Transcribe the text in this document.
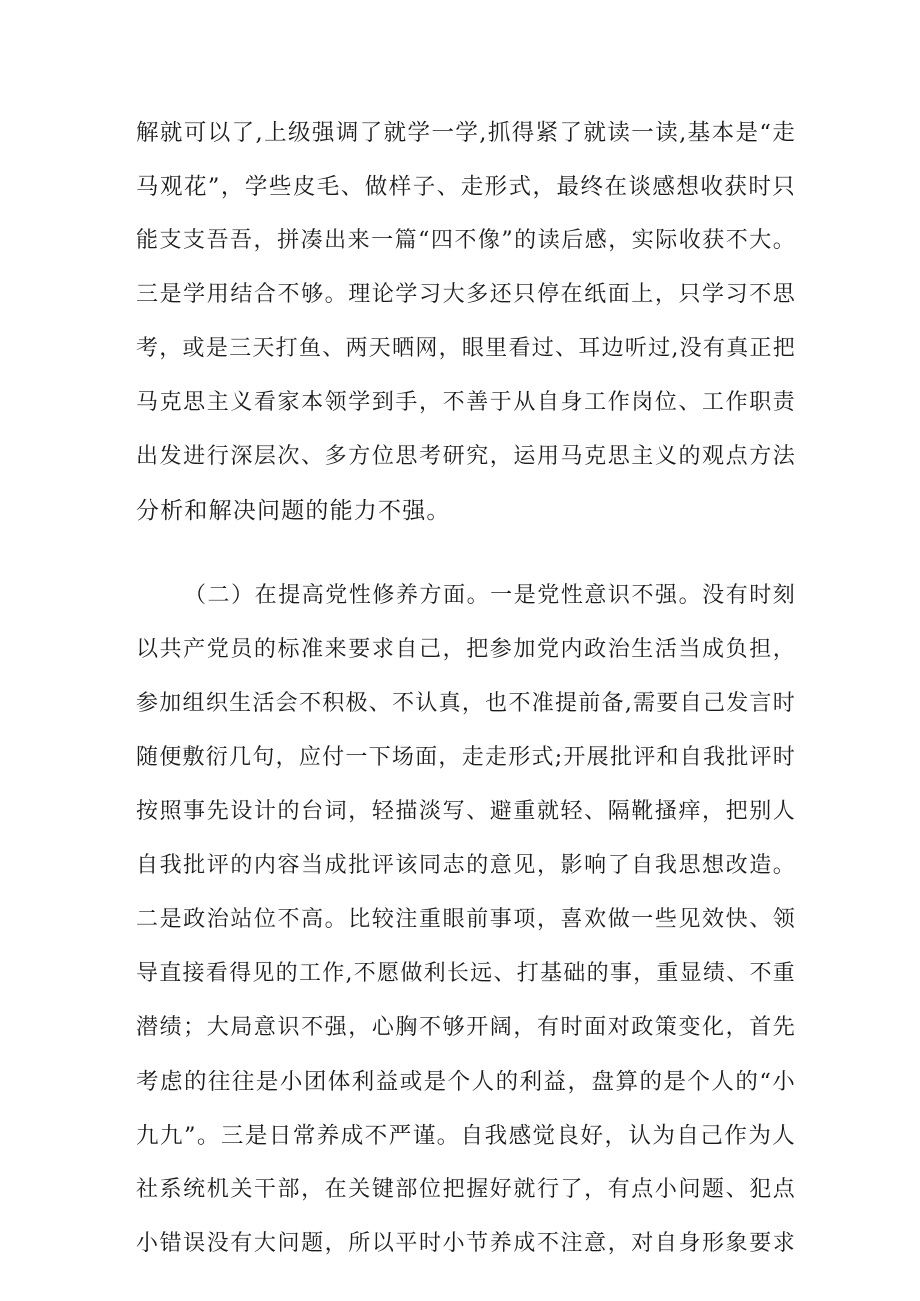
解就可以了,上级强调了就学一学,抓得紧了就读一读,基本是“走
马观花”，学些皮毛、做样子、走形式，最终在谈感想收获时只
能支支吾吾，拼凑出来一篇“四不像”的读后感，实际收获不大。
三是学用结合不够。理论学习大多还只停在纸面上，只学习不思
考，或是三天打鱼、两天晒网，眼里看过、耳边听过,没有真正把
马克思主义看家本领学到手，不善于从自身工作岗位、工作职责
出发进行深层次、多方位思考研究，运用马克思主义的观点方法
分析和解决问题的能力不强。
（二）在提高党性修养方面。一是党性意识不强。没有时刻
以共产党员的标准来要求自己，把参加党内政治生活当成负担，
参加组织生活会不积极、不认真，也不准提前备,需要自己发言时
随便敷衍几句，应付一下场面，走走形式;开展批评和自我批评时
按照事先设计的台词，轻描淡写、避重就轻、隔靴搔痒，把别人
自我批评的内容当成批评该同志的意见，影响了自我思想改造。
二是政治站位不高。比较注重眼前事项，喜欢做一些见效快、领
导直接看得见的工作,不愿做利长远、打基础的事，重显绩、不重
潜绩；大局意识不强，心胸不够开阔，有时面对政策变化，首先
考虑的往往是小团体利益或是个人的利益，盘算的是个人的“小
九九”。三是日常养成不严谨。自我感觉良好，认为自己作为人
社系统机关干部，在关键部位把握好就行了，有点小问题、犯点
小错误没有大问题，所以平时小节养成不注意，对自身形象要求
